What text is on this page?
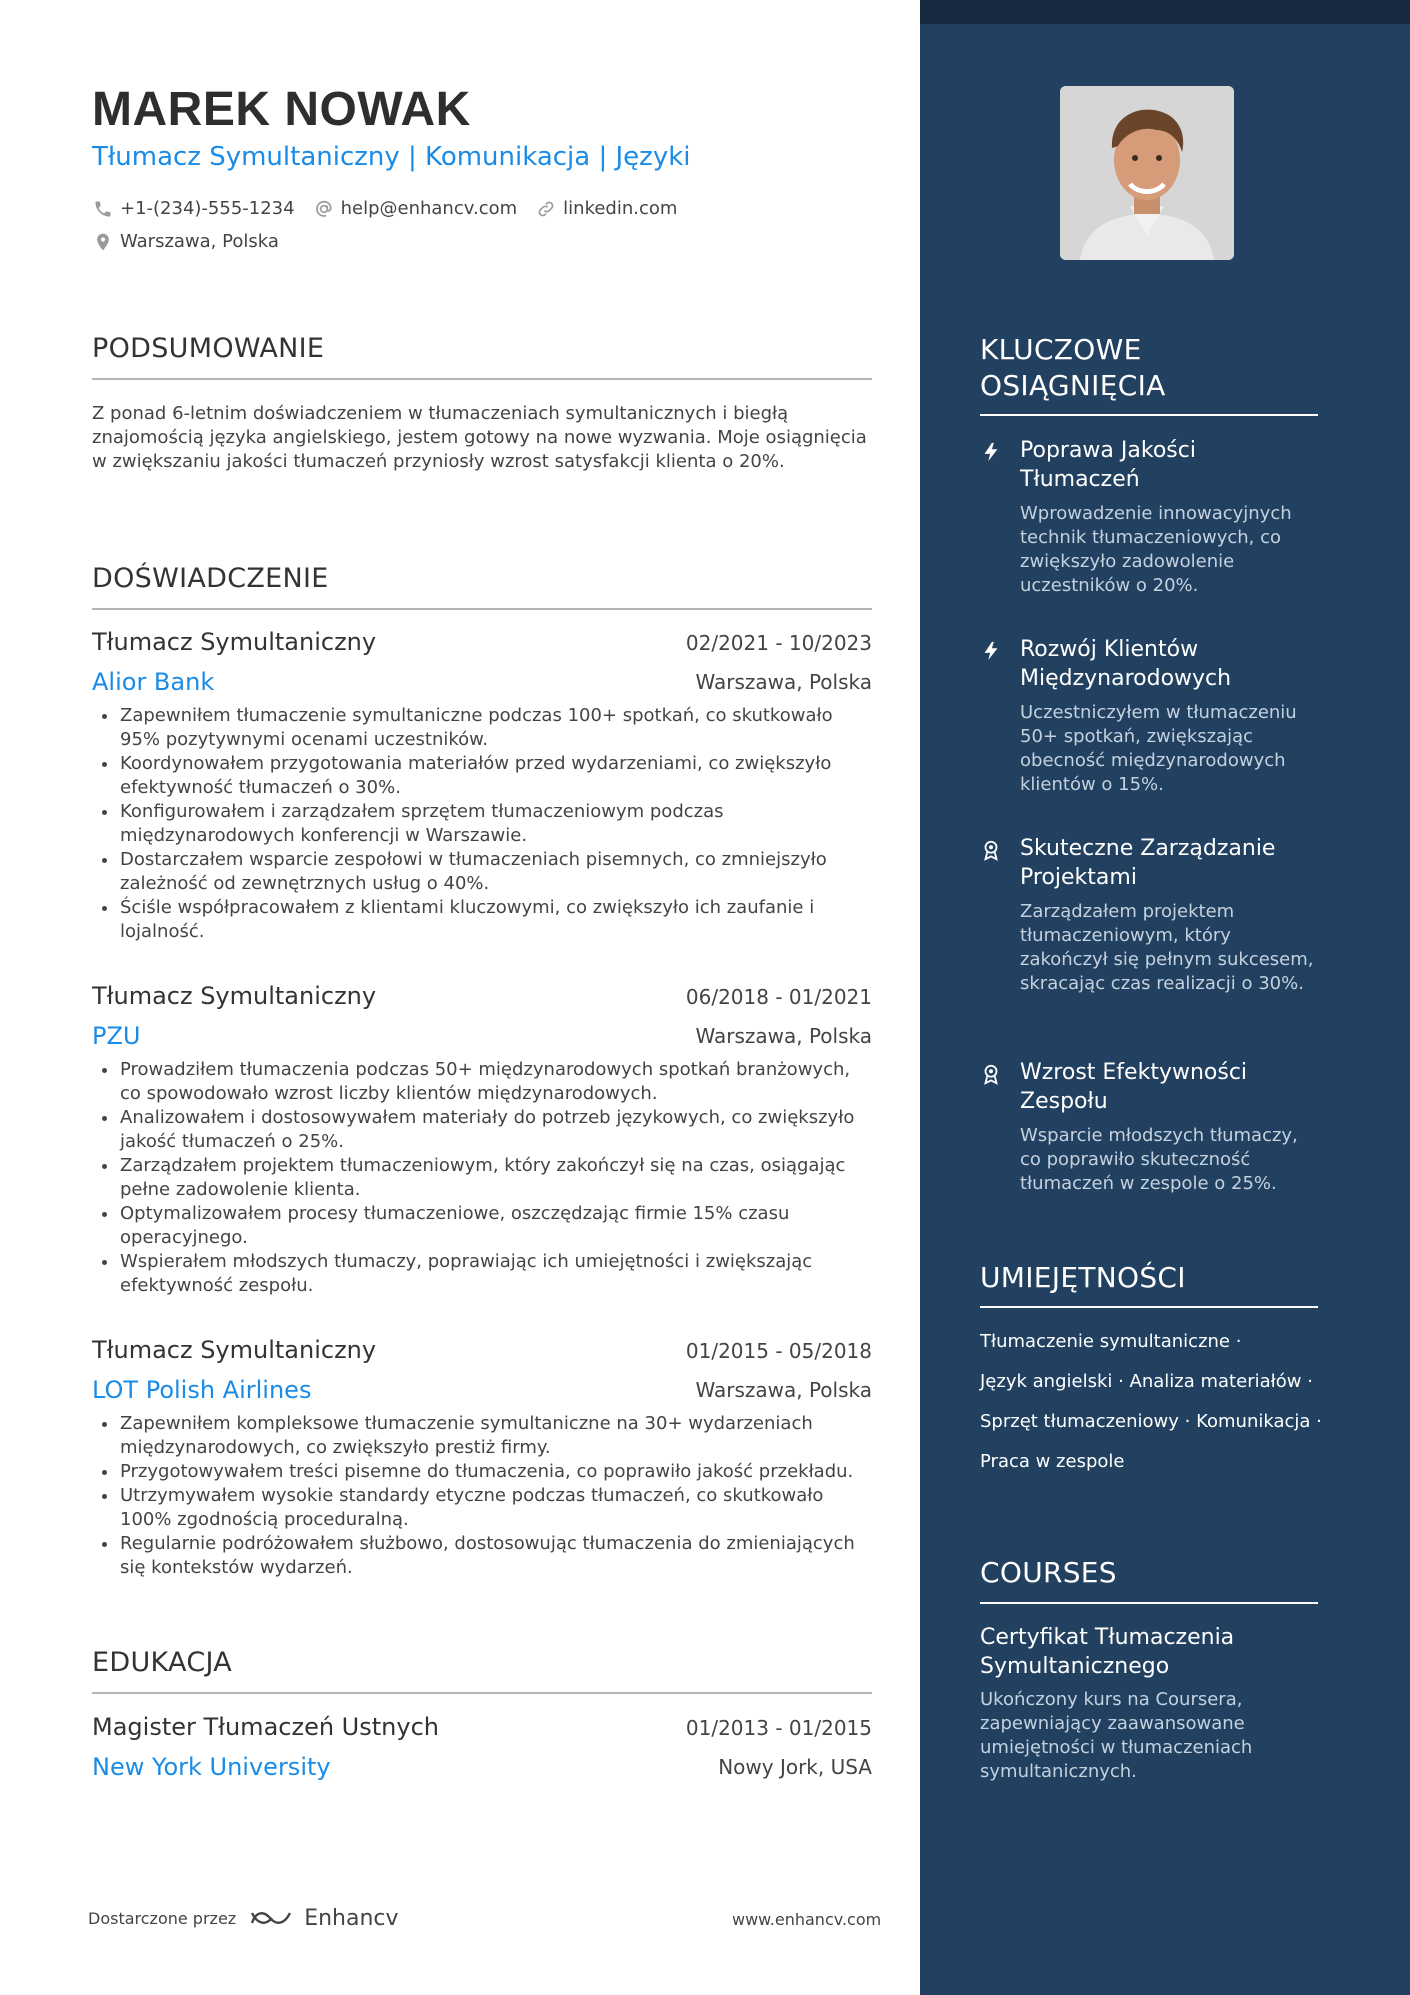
MAREK NOWAK
Tłumacz Symultaniczny | Komunikacja | Języki
+1-(234)-555-1234	help@enhancv.com	linkedin.com
Warszawa, Polska
PODSUMOWANIE
Z ponad 6-letnim doświadczeniem w tłumaczeniach symultanicznych i biegłą znajomością języka angielskiego, jestem gotowy na nowe wyzwania. Moje osiągnięcia w zwiększaniu jakości tłumaczeń przyniosły wzrost satysfakcji klienta o 20%.
DOŚWIADCZENIE
Tłumacz Symultaniczny	02/2021 - 10/2023
Alior Bank	Warszawa, Polska
Zapewniłem tłumaczenie symultaniczne podczas 100+ spotkań, co skutkowało 95% pozytywnymi ocenami uczestników.
Koordynowałem przygotowania materiałów przed wydarzeniami, co zwiększyło efektywność tłumaczeń o 30%.
Konfigurowałem i zarządzałem sprzętem tłumaczeniowym podczas międzynarodowych konferencji w Warszawie.
Dostarczałem wsparcie zespołowi w tłumaczeniach pisemnych, co zmniejszyło zależność od zewnętrznych usług o 40%.
Ściśle współpracowałem z klientami kluczowymi, co zwiększyło ich zaufanie i lojalność.
Tłumacz Symultaniczny	06/2018 - 01/2021
PZU	Warszawa, Polska
Prowadziłem tłumaczenia podczas 50+ międzynarodowych spotkań branżowych, co spowodowało wzrost liczby klientów międzynarodowych.
Analizowałem i dostosowywałem materiały do potrzeb językowych, co zwiększyło jakość tłumaczeń o 25%.
Zarządzałem projektem tłumaczeniowym, który zakończył się na czas, osiągając pełne zadowolenie klienta.
Optymalizowałem procesy tłumaczeniowe, oszczędzając firmie 15% czasu operacyjnego.
Wspierałem młodszych tłumaczy, poprawiając ich umiejętności i zwiększając efektywność zespołu.
Tłumacz Symultaniczny	01/2015 - 05/2018
LOT Polish Airlines	Warszawa, Polska
Zapewniłem kompleksowe tłumaczenie symultaniczne na 30+ wydarzeniach międzynarodowych, co zwiększyło prestiż firmy.
Przygotowywałem treści pisemne do tłumaczenia, co poprawiło jakość przekładu.
Utrzymywałem wysokie standardy etyczne podczas tłumaczeń, co skutkowało 100% zgodnością proceduralną.
Regularnie podróżowałem służbowo, dostosowując tłumaczenia do zmieniających się kontekstów wydarzeń.
EDUKACJA
Magister Tłumaczeń Ustnych	01/2013 - 01/2015
New York University	Nowy Jork, USA
Dostarczone przez	Enhancv	www.enhancv.com
KLUCZOWE
OSIĄGNIĘCIA
Poprawa Jakości Tłumaczeń
Wprowadzenie innowacyjnych technik tłumaczeniowych, co zwiększyło zadowolenie uczestników o 20%.
Rozwój Klientów Międzynarodowych
Uczestniczyłem w tłumaczeniu 50+ spotkań, zwiększając obecność międzynarodowych klientów o 15%.
Skuteczne Zarządzanie Projektami
Zarządzałem projektem tłumaczeniowym, który zakończył się pełnym sukcesem, skracając czas realizacji o 30%.
Wzrost Efektywności Zespołu
Wsparcie młodszych tłumaczy, co poprawiło skuteczność tłumaczeń w zespole o 25%.
UMIEJĘTNOŚCI
Tłumaczenie symultaniczne ·
Język angielski · Analiza materiałów ·
Sprzęt tłumaczeniowy · Komunikacja ·
Praca w zespole
COURSES
Certyfikat Tłumaczenia Symultanicznego
Ukończony kurs na Coursera, zapewniający zaawansowane umiejętności w tłumaczeniach symultanicznych.
